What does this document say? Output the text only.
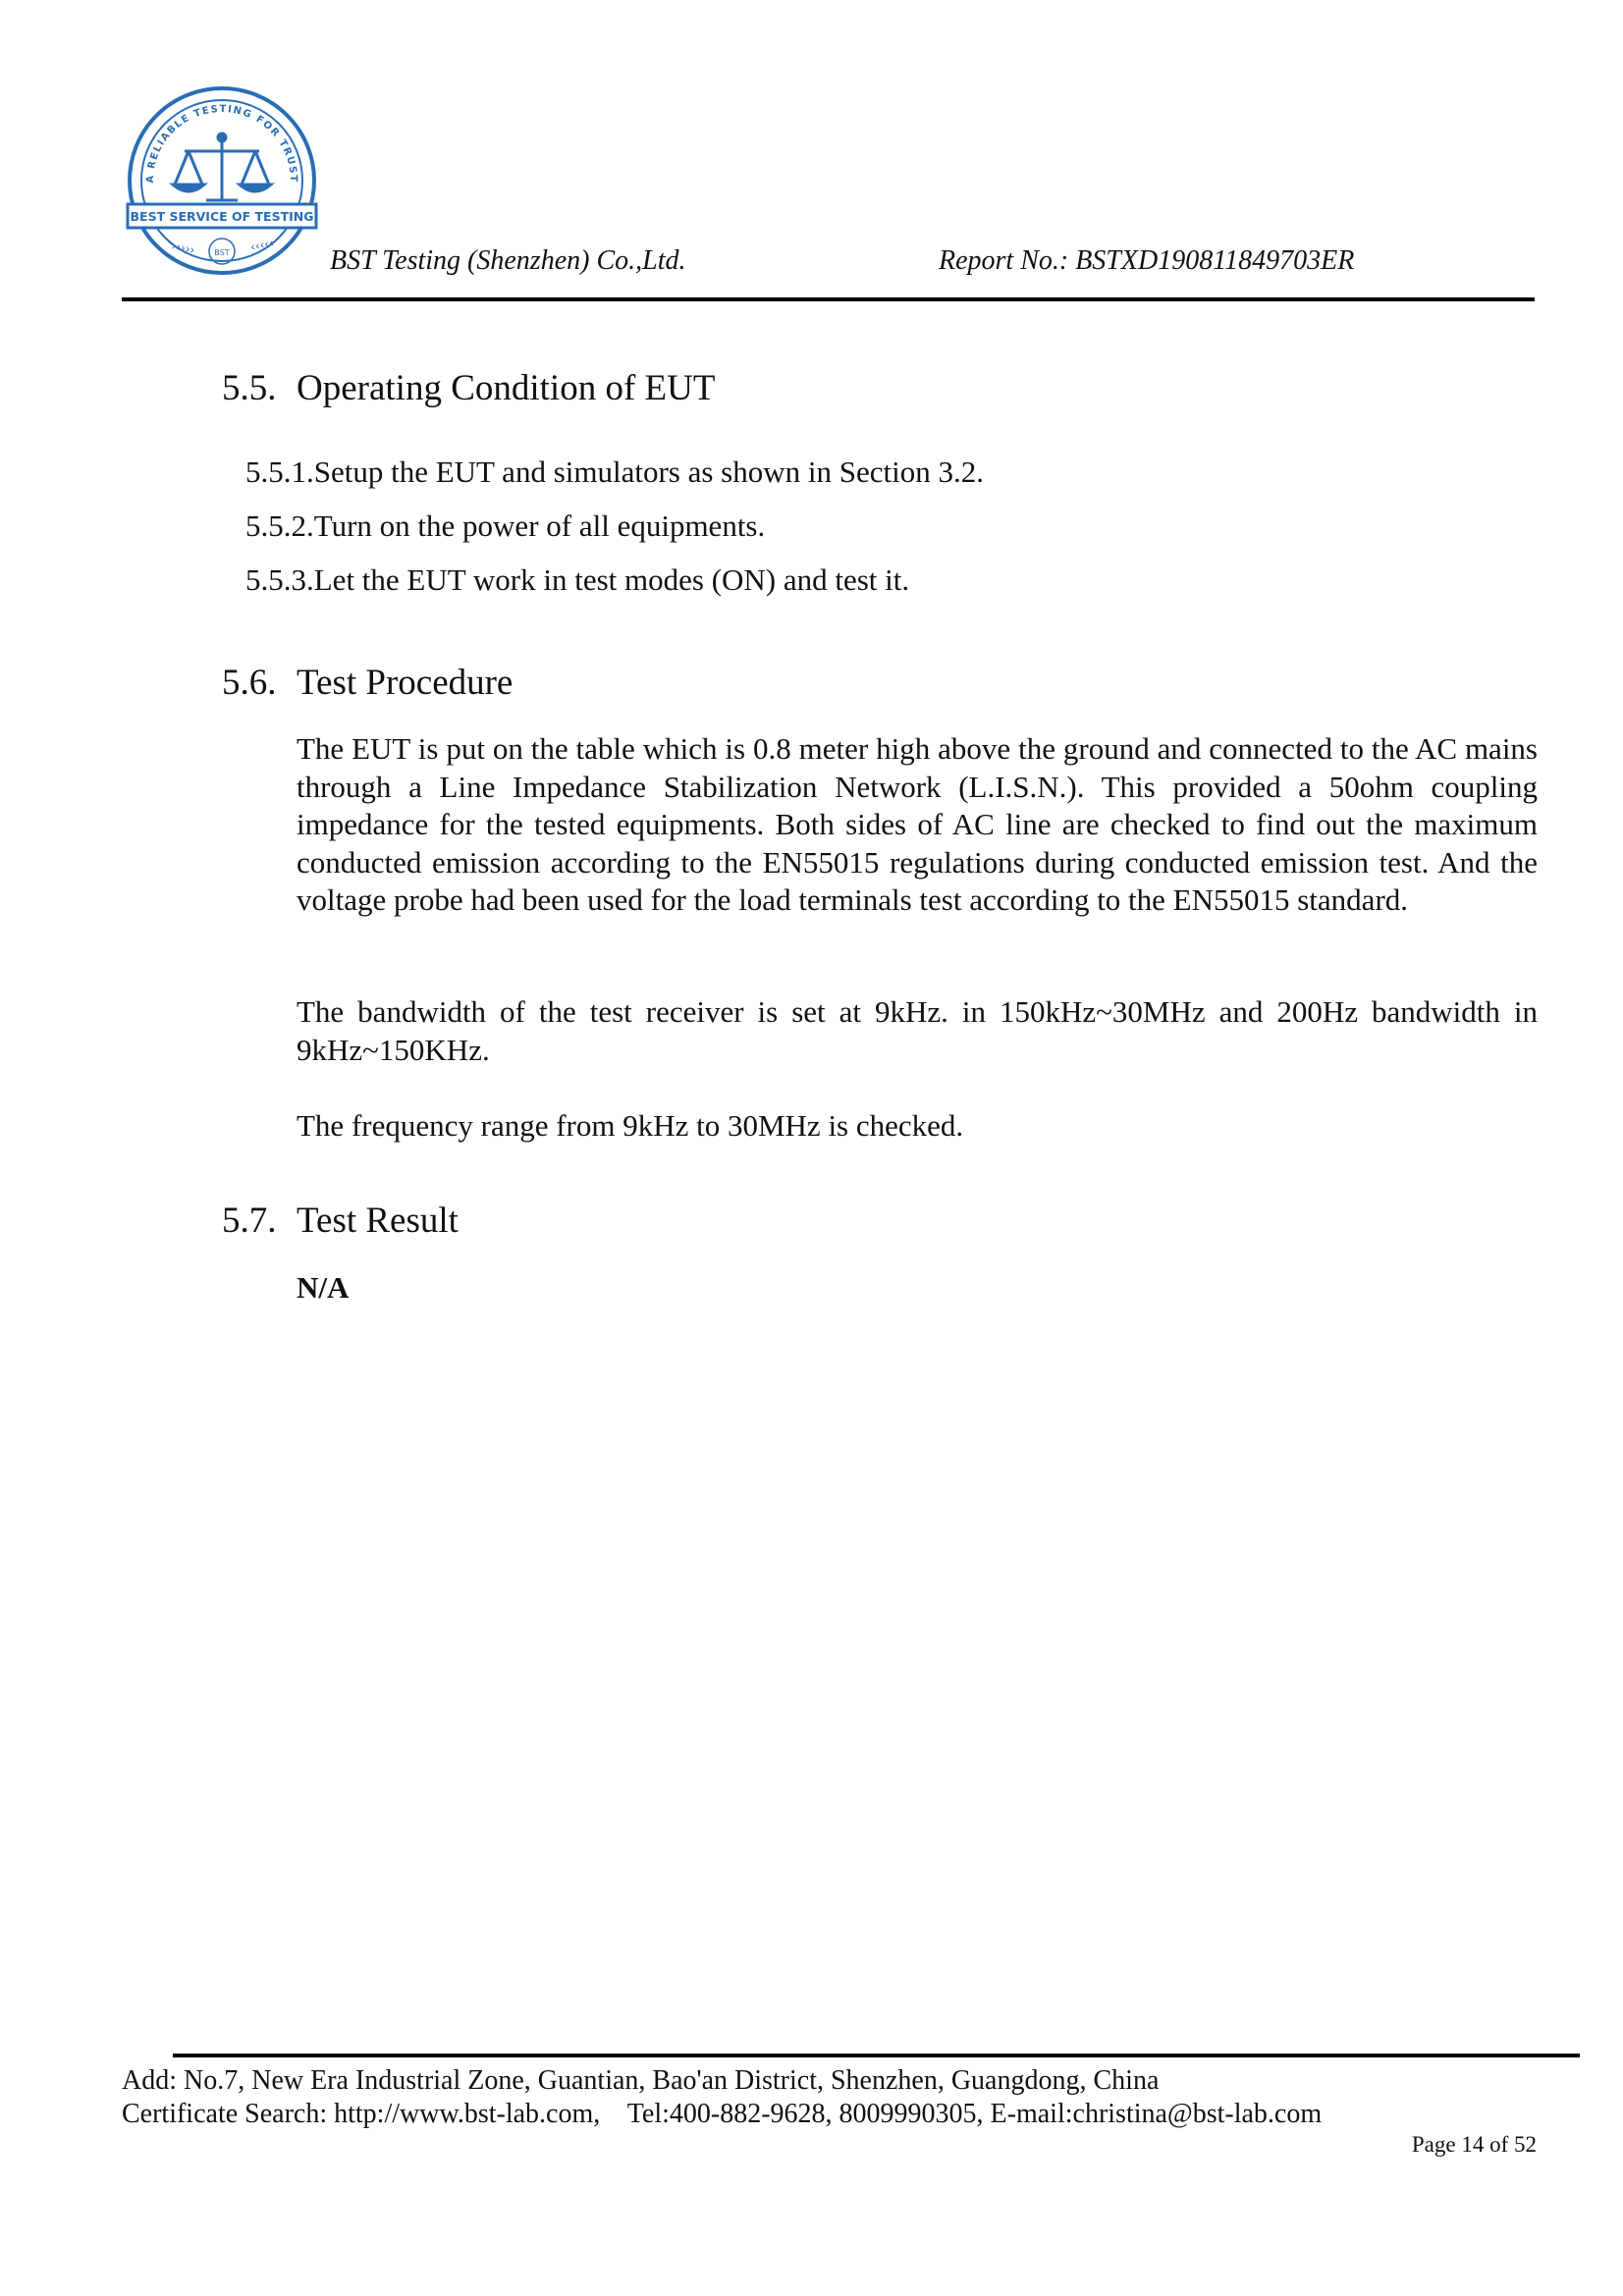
A RELIABLE TESTING FOR TRUST
BEST SERVICE OF TESTING
›››››	‹‹‹‹‹
BST	BST Testing (Shenzhen) Co.,Ltd.	Report No.: BSTXD190811849703ER
5.5. Operating Condition of EUT
5.5.1.Setup the EUT and simulators as shown in Section 3.2.
5.5.2.Turn on the power of all equipments.
5.5.3.Let the EUT work in test modes (ON) and test it.
5.6. Test Procedure

The EUT is put on the table which is 0.8 meter high above the ground and connected to the AC mains through a Line Impedance Stabilization Network (L.I.S.N.). This provided a 50ohm coupling impedance for the tested equipments. Both sides of AC line are checked to find out the maximum conducted emission according to the EN55015 regulations during conducted emission test. And the voltage probe had been used for the load terminals test according to the EN55015 standard.

The bandwidth of the test receiver is set at 9kHz. in 150kHz~30MHz and 200Hz bandwidth in 9kHz~150KHz.

The frequency range from 9kHz to 30MHz is checked.

5.7. Test Result
N/A
Add: No.7, New Era Industrial Zone, Guantian, Bao'an District, Shenzhen, Guangdong, China
Certificate Search: http://www.bst-lab.com,    Tel:400-882-9628, 8009990305, E-mail:christina@bst-lab.com
Page 14 of 52
